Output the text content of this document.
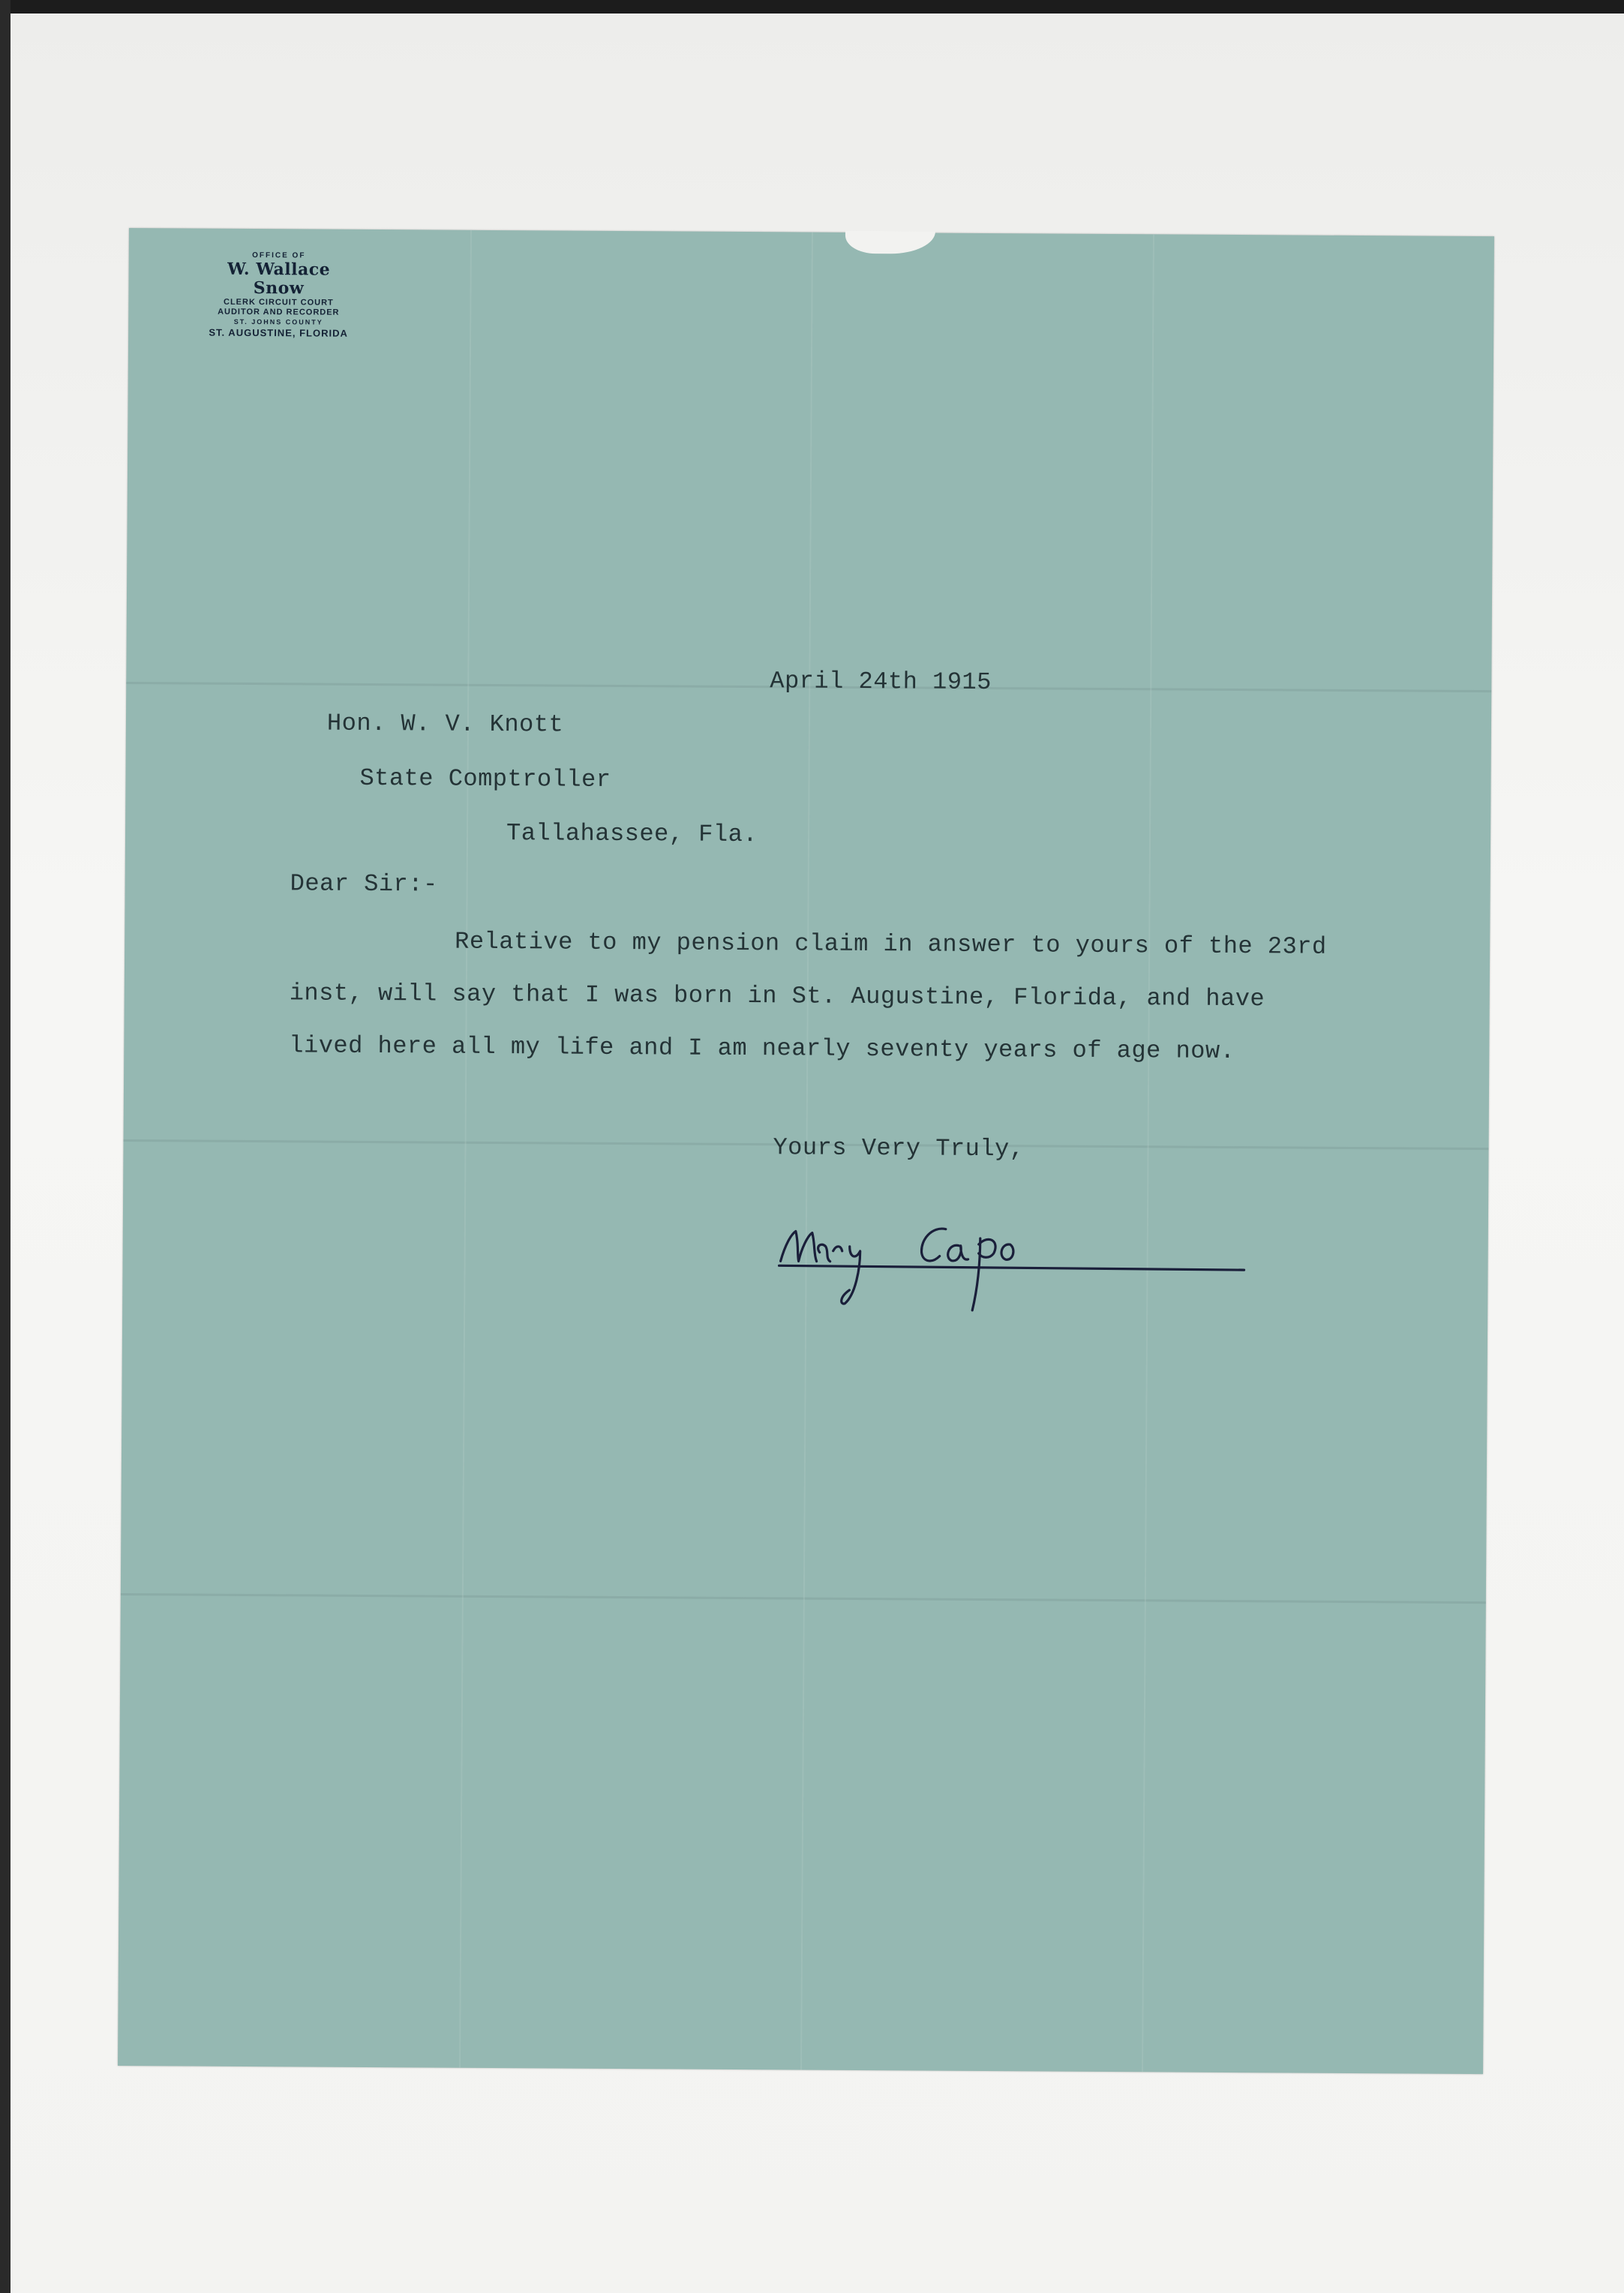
OFFICE OF
W. Wallace Snow
CLERK CIRCUIT COURT
AUDITOR AND RECORDER
ST. JOHNS COUNTY
ST. AUGUSTINE, FLORIDA
April 24th 1915
Hon. W. V. Knott
State Comptroller
Tallahassee, Fla.
Dear Sir:-
Relative to my pension claim in answer to yours of the 23rd
inst, will say that I was born in St. Augustine, Florida, and have
lived here all my life and I am nearly seventy years of age now.
Yours Very Truly,
